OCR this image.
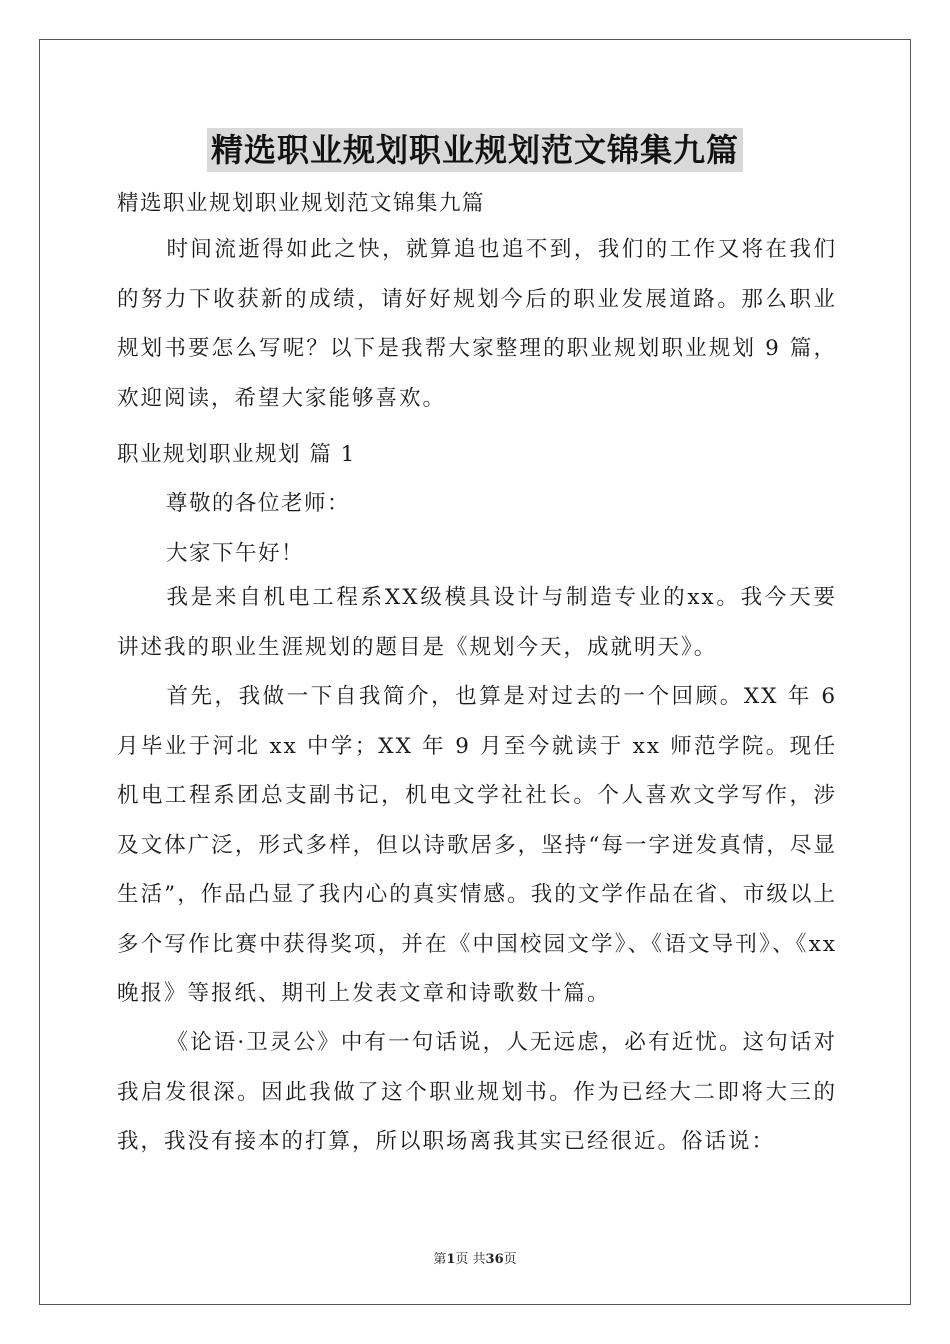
精选职业规划职业规划范文锦集九篇
精选职业规划职业规划范文锦集九篇
时间流逝得如此之快，就算追也追不到，我们的工作又将在我们的努力下收获新的成绩，请好好规划今后的职业发展道路。那么职业规划书要怎么写呢？以下是我帮大家整理的职业规划职业规划 9 篇，欢迎阅读，希望大家能够喜欢。
职业规划职业规划 篇 1
尊敬的各位老师：
大家下午好！
我是来自机电工程系XX级模具设计与制造专业的xx。我今天要讲述我的职业生涯规划的题目是《规划今天，成就明天》。
首先，我做一下自我简介，也算是对过去的一个回顾。XX 年 6 月毕业于河北 xx 中学；XX 年 9 月至今就读于 xx 师范学院。现任机电工程系团总支副书记，机电文学社社长。个人喜欢文学写作，涉及文体广泛，形式多样，但以诗歌居多，坚持“每一字迸发真情，尽显生活”，作品凸显了我内心的真实情感。我的文学作品在省、市级以上多个写作比赛中获得奖项，并在《中国校园文学》、《语文导刊》、《xx 晚报》等报纸、期刊上发表文章和诗歌数十篇。
《论语·卫灵公》中有一句话说，人无远虑，必有近忧。这句话对我启发很深。因此我做了这个职业规划书。作为已经大二即将大三的我，我没有接本的打算，所以职场离我其实已经很近。俗话说：
第1页 共36页
